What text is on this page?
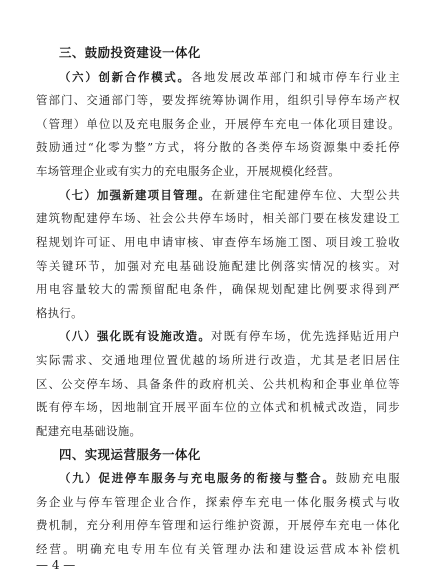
三、鼓励投资建设一体化
（六）创新合作模式。各地发展改革部门和城市停车行业主
管部门、交通部门等，要发挥统筹协调作用，组织引导停车场产权
（管理）单位以及充电服务企业，开展停车充电一体化项目建设。
鼓励通过“化零为整”方式，将分散的各类停车场资源集中委托停
车场管理企业或有实力的充电服务企业，开展规模化经营。
（七）加强新建项目管理。在新建住宅配建停车位、大型公共
建筑物配建停车场、社会公共停车场时，相关部门要在核发建设工
程规划许可证、用电申请审核、审查停车场施工图、项目竣工验收
等关键环节，加强对充电基础设施配建比例落实情况的核实。对
用电容量较大的需预留配电条件，确保规划配建比例要求得到严
格执行。
（八）强化既有设施改造。对既有停车场，优先选择贴近用户
实际需求、交通地理位置优越的场所进行改造，尤其是老旧居住
区、公交停车场、具备条件的政府机关、公共机构和企事业单位等
既有停车场，因地制宜开展平面车位的立体式和机械式改造，同步
配建充电基础设施。
四、实现运营服务一体化
（九）促进停车服务与充电服务的衔接与整合。鼓励充电服
务企业与停车管理企业合作，探索停车充电一体化服务模式与收
费机制，充分利用停车管理和运行维护资源，开展停车充电一体化
经营。明确充电专用车位有关管理办法和建设运营成本补偿机
— 4 —
